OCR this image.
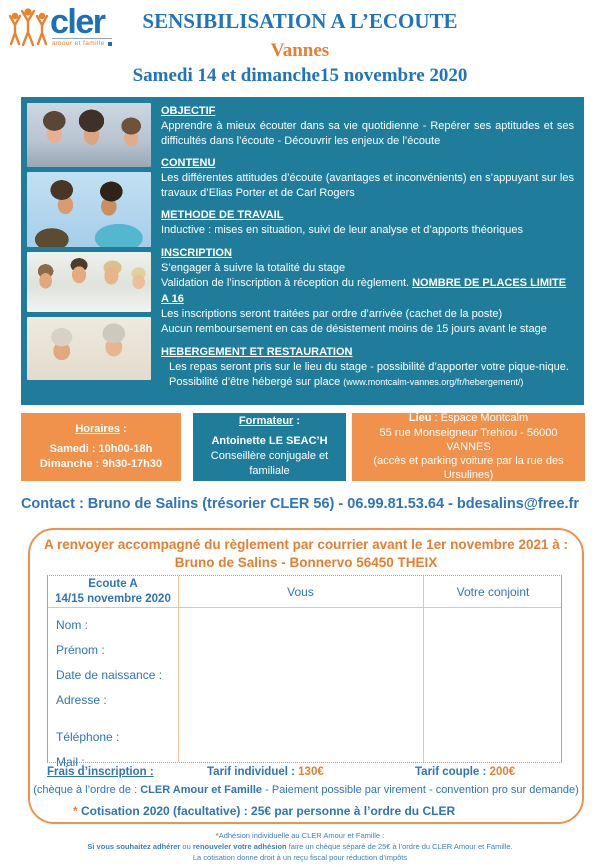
cler
amour et famille
SENSIBILISATION A L’ECOUTE
Vannes
Samedi 14 et dimanche15 novembre 2020
OBJECTIF
Apprendre à mieux écouter dans sa vie quotidienne - Repérer ses aptitudes et ses difficultés dans l’écoute - Découvrir les enjeux de l’écoute
CONTENU
Les différentes attitudes d’écoute (avantages et inconvénients) en s’appuyant sur les travaux d’Elias Porter et de Carl Rogers
METHODE DE TRAVAIL
Inductive : mises en situation, suivi de leur analyse et d’apports théoriques
INSCRIPTION
S’engager à suivre la totalité du stage
Validation de l’inscription à réception du règlement. NOMBRE DE PLACES LIMITE A 16
Les inscriptions seront traitées par ordre d’arrivée (cachet de la poste)
Aucun remboursement en cas de désistement moins de 15 jours avant le stage
HEBERGEMENT ET RESTAURATION
Les repas seront pris sur le lieu du stage - possibilité d’apporter votre pique-nique.
Possibilité d’être hébergé sur place (www.montcalm-vannes.org/fr/hebergement/)
Horaires :
Samedi : 10h00-18h
Dimanche : 9h30-17h30
Formateur :
Antoinette LE SEAC’H
Conseillère conjugale et familiale
Lieu : Espace Montcalm
55 rue Monseigneur Trehiou - 56000 VANNES
(accès et parking voiture par la rue des Ursulines)
Contact : Bruno de Salins (trésorier CLER 56) - 06.99.81.53.64 - bdesalins@free.fr
A renvoyer accompagné du règlement par courrier avant le 1er novembre 2021 à :
Bruno de Salins - Bonnervo 56450 THEIX
Ecoute A
14/15 novembre 2020	Vous	Votre conjoint
Nom :
Prénom :
Date de naissance :
Adresse :
Téléphone :
Mail :
Frais d’inscription :	Tarif individuel : 130€	Tarif couple : 200€
(chèque à l’ordre de : CLER Amour et Famille - Paiement possible par virement - convention pro sur demande)
* Cotisation 2020 (facultative) : 25€ par personne à l’ordre du CLER
*Adhésion individuelle au CLER Amour et Famille :
Si vous souhaitez adhérer ou renouveler votre adhésion faire un chèque séparé de 25€ à l’ordre du CLER Amour et Famille.
La cotisation donne droit à un reçu fiscal pour réduction d’impôts
